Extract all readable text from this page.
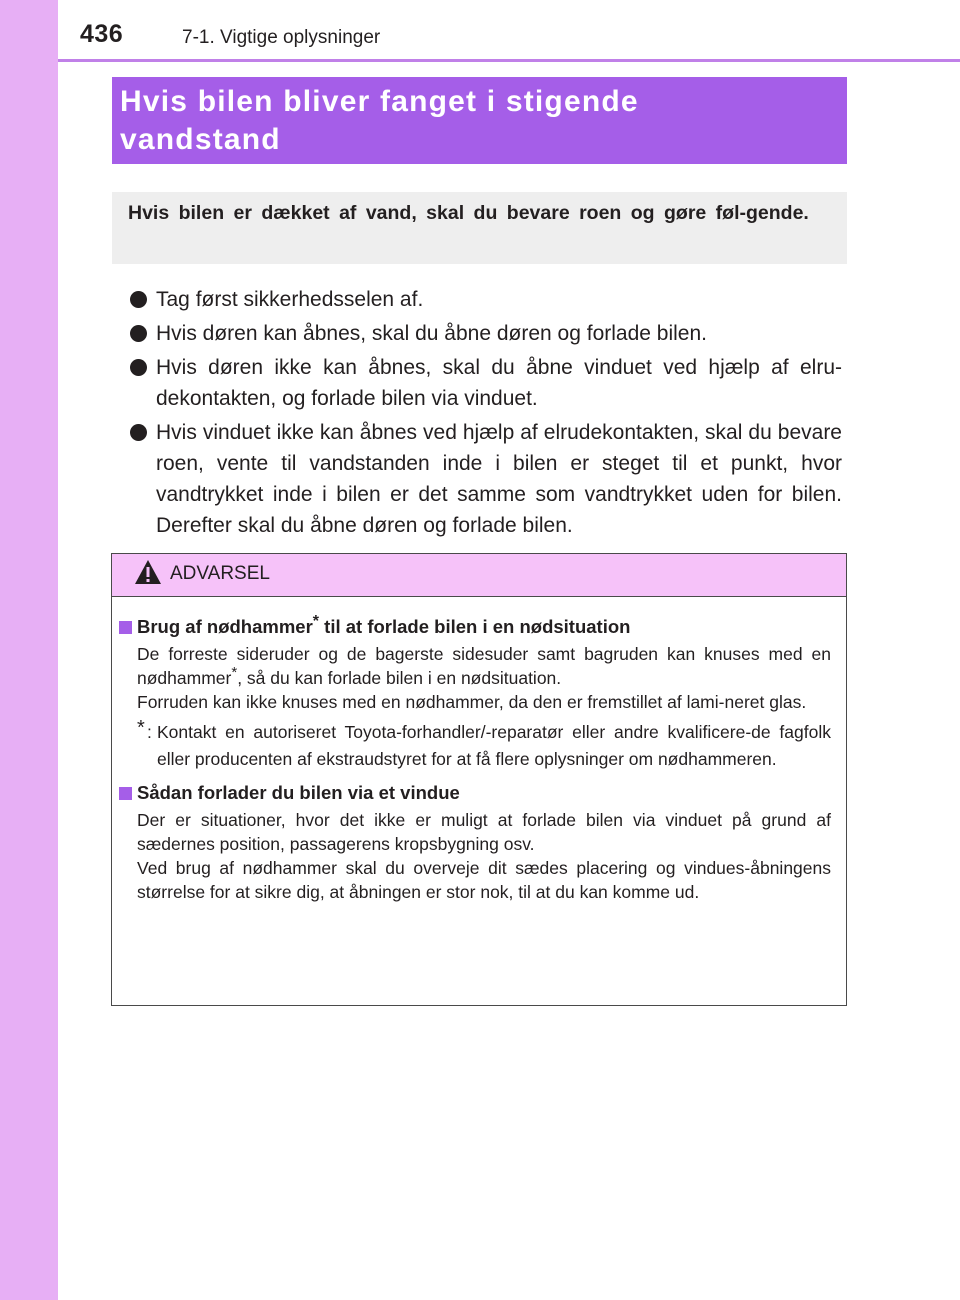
436	7-1. Vigtige oplysninger
Hvis bilen bliver fanget i stigende
vandstand
Hvis bilen er dækket af vand, skal du bevare roen og gøre føl-gende.
Tag først sikkerhedsselen af.
Hvis døren kan åbnes, skal du åbne døren og forlade bilen.
Hvis døren ikke kan åbnes, skal du åbne vinduet ved hjælp af elru-dekontakten, og forlade bilen via vinduet.
Hvis vinduet ikke kan åbnes ved hjælp af elrudekontakten, skal du bevare roen, vente til vandstanden inde i bilen er steget til et punkt, hvor vandtrykket inde i bilen er det samme som vandtrykket uden for bilen. Derefter skal du åbne døren og forlade bilen.
ADVARSEL
Brug af nødhammer* til at forlade bilen i en nødsituation

De forreste sideruder og de bagerste sidesuder samt bagruden kan knuses med en nødhammer*, så du kan forlade bilen i en nødsituation.

Forruden kan ikke knuses med en nødhammer, da den er fremstillet af lami-neret glas.

* : Kontakt en autoriseret Toyota-forhandler/-reparatør eller andre kvalificere-de fagfolk eller producenten af ekstraudstyret for at få flere oplysninger om nødhammeren.
Sådan forlader du bilen via et vindue

Der er situationer, hvor det ikke er muligt at forlade bilen via vinduet på grund af sædernes position, passagerens kropsbygning osv.

Ved brug af nødhammer skal du overveje dit sædes placering og vindues-åbningens størrelse for at sikre dig, at åbningen er stor nok, til at du kan komme ud.
